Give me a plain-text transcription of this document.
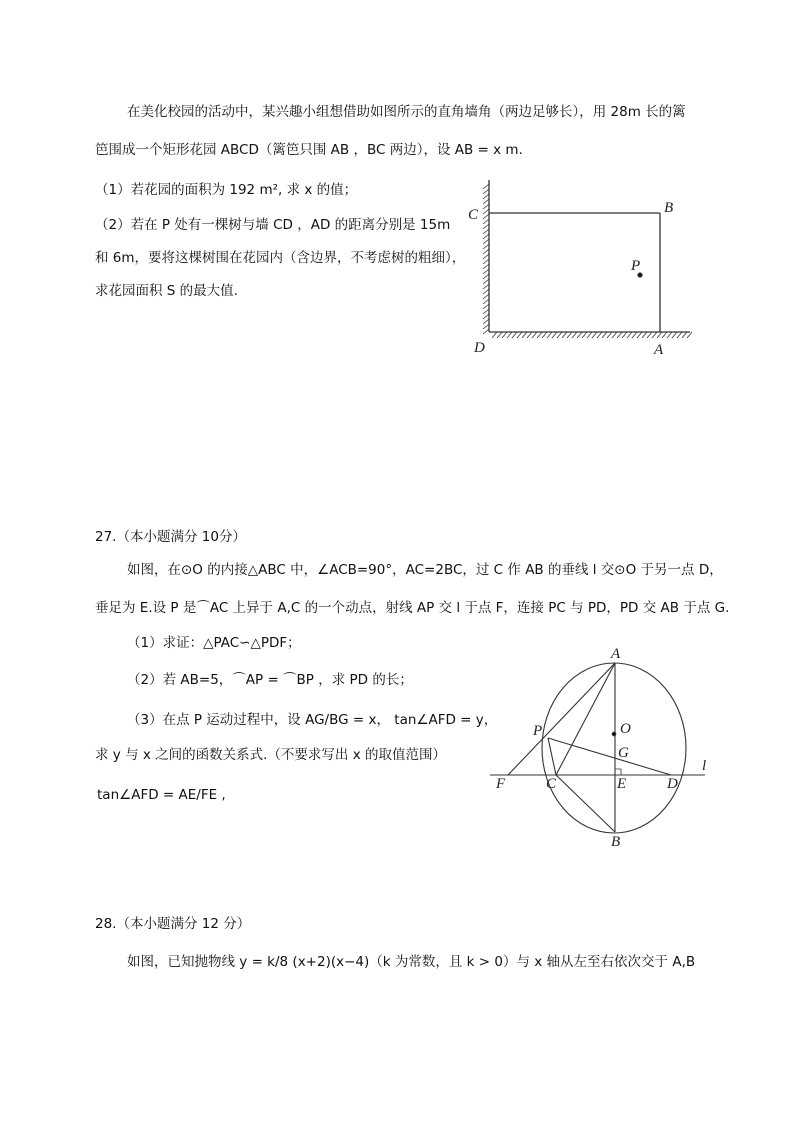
在美化校园的活动中，某兴趣小组想借助如图所示的直角墙角（两边足够长），用 28m 长的篱
笆围成一个矩形花园 ABCD（篱笆只围 AB ，BC 两边），设 AB = x m.
（1）若花园的面积为 192 m², 求 x 的值；
（2）若在 P 处有一棵树与墙 CD ，AD 的距离分别是 15m
和 6m，要将这棵树围在花园内（含边界，不考虑树的粗细），
求花园面积 S 的最大值.
C	B
P
D	A
A
O
P
G
l
F	C	E	D
B
27.（本小题满分 10分）
如图，在⊙O 的内接△ABC 中，∠ACB=90°，AC=2BC，过 C 作 AB 的垂线 l 交⊙O 于另一点 D，
垂足为 E.设 P 是⌒AC 上异于 A,C 的一个动点，射线 AP 交 l 于点 F，连接 PC 与 PD，PD 交 AB 于点 G.
（1）求证：△PAC∽△PDF；
（2）若 AB=5，⌒AP = ⌒BP ，求 PD 的长；
（3）在点 P 运动过程中，设 AG/BG = x， tan∠AFD = y，
求 y 与 x 之间的函数关系式.（不要求写出 x 的取值范围）
tan∠AFD = AE/FE ,
28.（本小题满分 12 分）
如图，已知抛物线 y = k/8 (x+2)(x−4)（k 为常数，且 k > 0）与 x 轴从左至右依次交于 A,B
